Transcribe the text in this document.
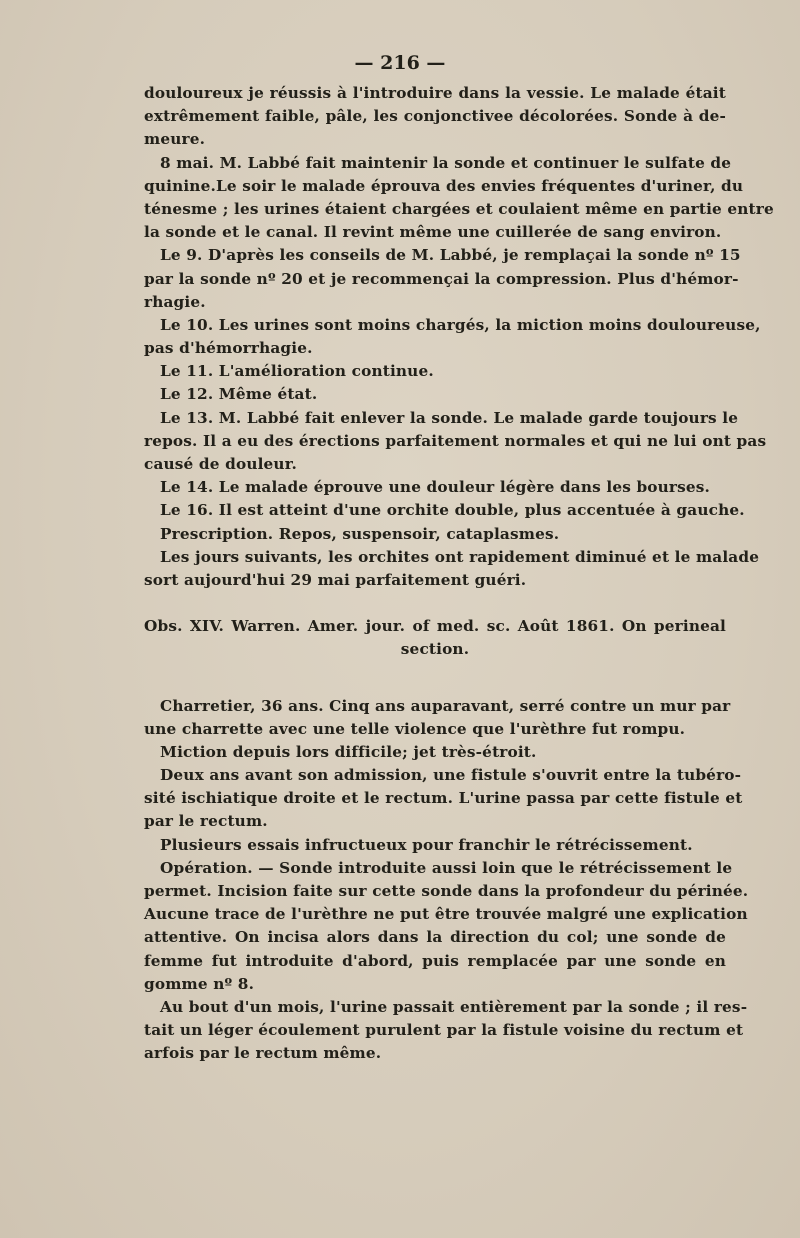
— 216 —
douloureux je réussis à l'introduire dans la vessie. Le malade était
extrêmement faible, pâle, les conjonctivee décolorées. Sonde à de-
meure.
8 mai. M. Labbé fait maintenir la sonde et continuer le sulfate de
quinine.Le soir le malade éprouva des envies fréquentes d'uriner, du
ténesme ; les urines étaient chargées et coulaient même en partie entre
la sonde et le canal. Il revint même une cuillerée de sang environ.
Le 9. D'après les conseils de M. Labbé, je remplaçai la sonde nº 15
par la sonde nº 20 et je recommençai la compression. Plus d'hémor-
rhagie.
Le 10. Les urines sont moins chargés, la miction moins douloureuse,
pas d'hémorrhagie.
Le 11. L'amélioration continue.
Le 12. Même état.
Le 13. M. Labbé fait enlever la sonde. Le malade garde toujours le
repos. Il a eu des érections parfaitement normales et qui ne lui ont pas
causé de douleur.
Le 14. Le malade éprouve une douleur légère dans les bourses.
Le 16. Il est atteint d'une orchite double, plus accentuée à gauche.
Prescription. Repos, suspensoir, cataplasmes.
Les jours suivants, les orchites ont rapidement diminué et le malade
sort aujourd'hui 29 mai parfaitement guéri.
Obs. XIV. Warren. Amer. jour. of med. sc. Août 1861. On perineal
section.
Charretier, 36 ans. Cinq ans auparavant, serré contre un mur par
une charrette avec une telle violence que l'urèthre fut rompu.
Miction depuis lors difficile; jet très-étroit.
Deux ans avant son admission, une fistule s'ouvrit entre la tubéro-
sité ischiatique droite et le rectum. L'urine passa par cette fistule et
par le rectum.
Plusieurs essais infructueux pour franchir le rétrécissement.
Opération. — Sonde introduite aussi loin que le rétrécissement le
permet. Incision faite sur cette sonde dans la profondeur du périnée.
Aucune trace de l'urèthre ne put être trouvée malgré une explication
attentive. On incisa alors dans la direction du col; une sonde de
femme fut introduite d'abord, puis remplacée par une sonde en
gomme nº 8.
Au bout d'un mois, l'urine passait entièrement par la sonde ; il res-
tait un léger écoulement purulent par la fistule voisine du rectum et
arfois par le rectum même.
